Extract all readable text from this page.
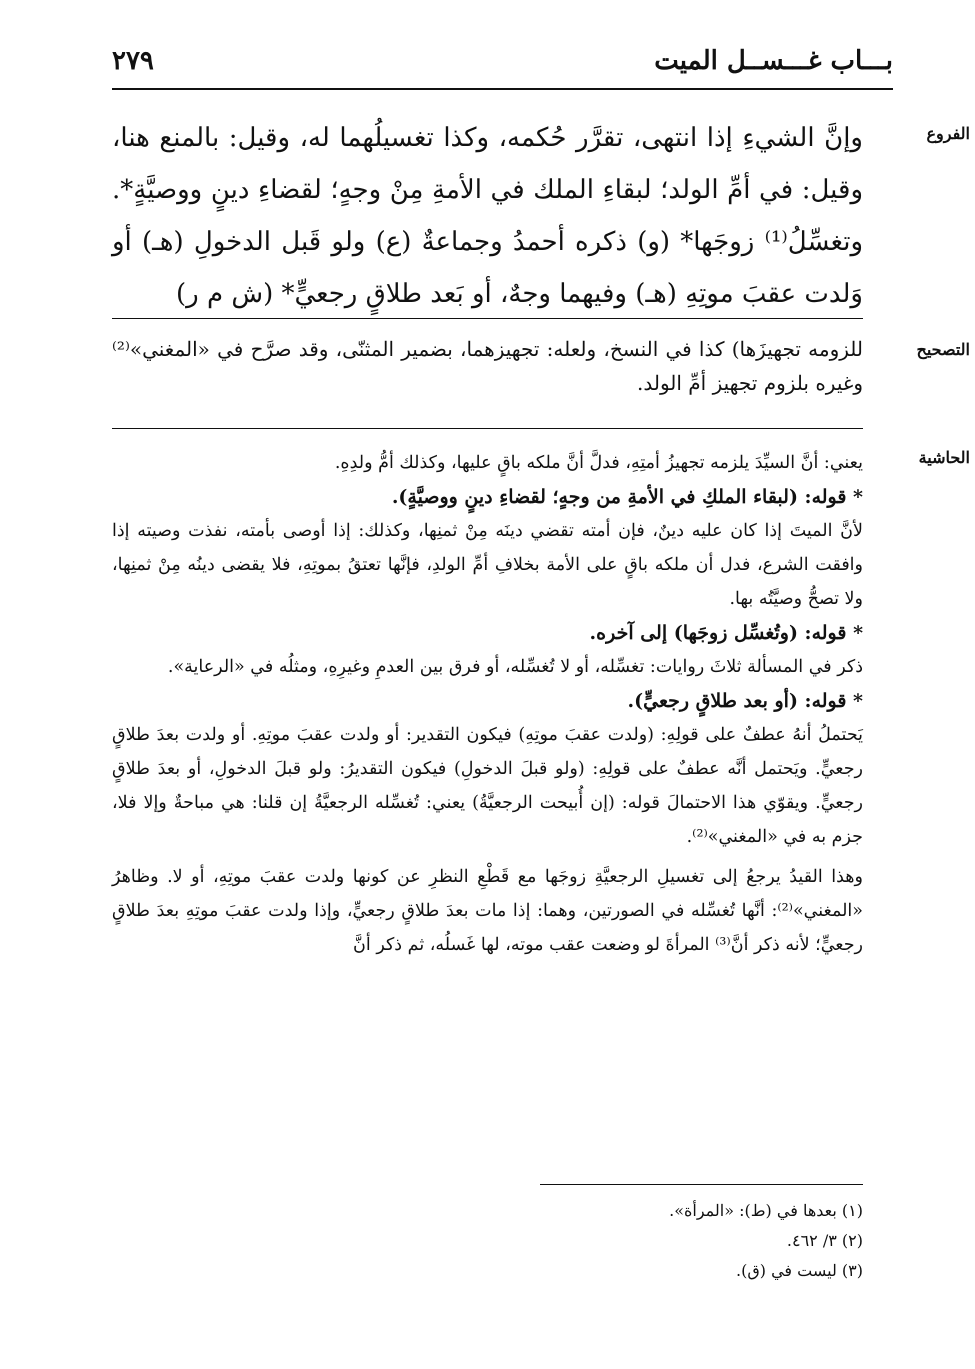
بـــاب غـــســل الميت
٢٧٩
الفروع
وإنَّ الشيءِ إذا انتهى، تقرَّر حُكمه، وكذا تغسيلُهما له، وقيل: بالمنع هنا، وقيل: في أمِّ الولد؛ لبقاءِ الملك في الأمةِ مِنْ وجهٍ؛ لقضاءِ دينٍ ووصيَّةٍ*. وتغسِّلُ⁽¹⁾ زوجَها* (و) ذكره أحمدُ وجماعةٌ (ع) ولو قَبل الدخولِ (هـ) أو وَلدت عقبَ موتِهِ (هـ) وفيهما وجهٌ، أو بَعد طلاقٍ رجعيٍّ* (ش م ر)
التصحيح
للزومه تجهيزَها) كذا في النسخ، ولعله: تجهيزهما، بضمير المثنّى، وقد صرَّح في «المغني»⁽²⁾ وغيره بلزوم تجهيز أمِّ الولد.
الحاشية

يعني: أنَّ السيِّدَ يلزمه تجهيزُ أمتِهِ، فدلَّ أنَّ ملكه باقٍ عليها، وكذلك أمُّ ولدِهِ.

* قوله: (لبقاء الملكِ في الأمةِ من وجهٍ؛ لقضاءِ دينٍ ووصيَّةٍ).

لأنَّ الميتَ إذا كان عليه دينٌ، فإن أمته تقضي دينَه مِنْ ثمنِها، وكذلك: إذا أوصى بأمته، نفذت وصيته إذا وافقت الشرع، فدل أن ملكه باقٍ على الأمة بخلافِ أمِّ الولدِ، فإنَّها تعتقُ بموتِهِ، فلا يقضى دينُه مِنْ ثمنِها، ولا تصحُّ وصيَّتُه بها.

* قوله: (وتُغسِّل زوجَها) إلى آخره.

ذكر في المسألة ثلاثَ روايات: تغسِّله، أو لا تُغسِّله، أو فرق بين العدمِ وغيرِهِ، ومثلُه في «الرعاية».

* قوله: (أو بعد طلاقٍ رجعيٍّ).

يَحتملُ أنهُ عطفٌ على قولِهِ: (ولدت عقبَ موتِهِ) فيكون التقدير: أو ولدت عقبَ موتِهِ. أو ولدت بعدَ طلاقٍ رجعيٍّ. ويَحتمل أنَّه عطفٌ على قولِهِ: (ولو قبلَ الدخولِ) فيكون التقديرُ: ولو قبلَ الدخولِ، أو بعدَ طلاقٍ رجعيٍّ. ويقوّي هذا الاحتمالَ قوله: (إن أُبيحت الرجعيَّةُ) يعني: تُغسِّله الرجعيَّةُ إن قلنا: هي مباحةٌ وإلا فلا، جزم به في «المغني»⁽²⁾.

وهذا القيدُ يرجعُ إلى تغسيلِ الرجعيَّةِ زوجَها مع قَطْعِ النظرِ عن كونها ولدت عقبَ موتِهِ، أو لا. وظاهرُ «المغني»⁽²⁾: أنَّها تُغسِّله في الصورتين، وهما: إذا مات بعدَ طلاقٍ رجعيٍّ، وإذا ولدت عقبَ موتِهِ بعدَ طلاقٍ رجعيٍّ؛ لأنه ذكر أنَّ⁽³⁾ المرأةَ لو وضعت عقب موته، لها غَسلُه، ثم ذكر أنَّ

(١) بعدها في (ط): «المرأة».
(٢) ٣/ ٤٦٢.
(٣) ليست في (ق).
